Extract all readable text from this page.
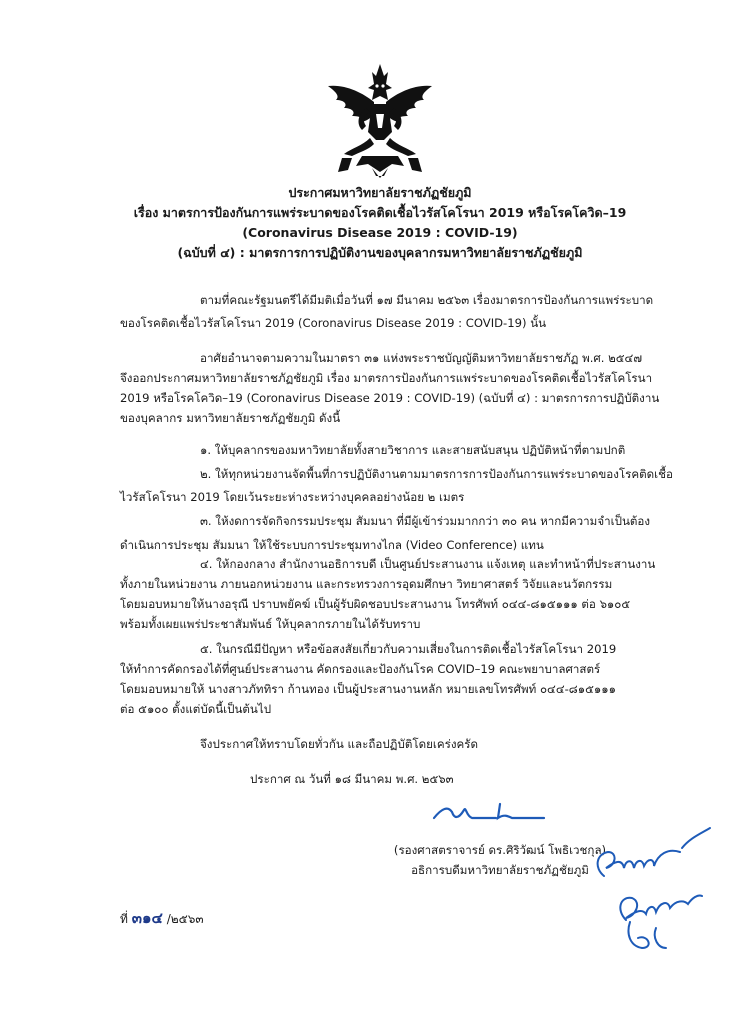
ประกาศมหาวิทยาลัยราชภัฏชัยภูมิ
เรื่อง มาตรการป้องกันการแพร่ระบาดของโรคติดเชื้อไวรัสโคโรนา 2019 หรือโรคโควิด–19
(Coronavirus Disease 2019 : COVID-19)
(ฉบับที่ ๔) : มาตรการการปฏิบัติงานของบุคลากรมหาวิทยาลัยราชภัฏชัยภูมิ
ตามที่คณะรัฐมนตรีได้มีมติเมื่อวันที่ ๑๗ มีนาคม ๒๕๖๓ เรื่องมาตรการป้องกันการแพร่ระบาด
ของโรคติดเชื้อไวรัสโคโรนา 2019 (Coronavirus Disease 2019 : COVID-19) นั้น
อาศัยอำนาจตามความในมาตรา ๓๑ แห่งพระราชบัญญัติมหาวิทยาลัยราชภัฏ พ.ศ. ๒๕๔๗
จึงออกประกาศมหาวิทยาลัยราชภัฏชัยภูมิ เรื่อง มาตรการป้องกันการแพร่ระบาดของโรคติดเชื้อไวรัสโคโรนา
2019 หรือโรคโควิด–19 (Coronavirus Disease 2019 : COVID-19) (ฉบับที่ ๔) : มาตรการการปฏิบัติงาน
ของบุคลากร มหาวิทยาลัยราชภัฏชัยภูมิ ดังนี้
๑. ให้บุคลากรของมหาวิทยาลัยทั้งสายวิชาการ และสายสนับสนุน ปฏิบัติหน้าที่ตามปกติ
๒. ให้ทุกหน่วยงานจัดพื้นที่การปฏิบัติงานตามมาตรการการป้องกันการแพร่ระบาดของโรคติดเชื้อ
ไวรัสโคโรนา 2019 โดยเว้นระยะห่างระหว่างบุคคลอย่างน้อย ๒ เมตร
๓. ให้งดการจัดกิจกรรมประชุม สัมมนา ที่มีผู้เข้าร่วมมากกว่า ๓๐ คน หากมีความจำเป็นต้อง
ดำเนินการประชุม สัมมนา ให้ใช้ระบบการประชุมทางไกล (Video Conference) แทน
๔. ให้กองกลาง สำนักงานอธิการบดี เป็นศูนย์ประสานงาน แจ้งเหตุ และทำหน้าที่ประสานงาน
ทั้งภายในหน่วยงาน ภายนอกหน่วยงาน และกระทรวงการอุดมศึกษา วิทยาศาสตร์ วิจัยและนวัตกรรม
โดยมอบหมายให้นางอรุณี ปราบพยัคฆ์ เป็นผู้รับผิดชอบประสานงาน โทรศัพท์ ๐๔๔-๘๑๕๑๑๑ ต่อ ๖๑๐๕
พร้อมทั้งเผยแพร่ประชาสัมพันธ์ ให้บุคลากรภายในได้รับทราบ
๕. ในกรณีมีปัญหา หรือข้อสงสัยเกี่ยวกับความเสี่ยงในการติดเชื้อไวรัสโคโรนา 2019
ให้ทำการคัดกรองได้ที่ศูนย์ประสานงาน คัดกรองและป้องกันโรค COVID–19 คณะพยาบาลศาสตร์
โดยมอบหมายให้ นางสาวภัททิรา ก้านทอง เป็นผู้ประสานงานหลัก หมายเลขโทรศัพท์ ๐๔๔-๘๑๕๑๑๑
ต่อ ๕๑๐๐ ตั้งแต่บัดนี้เป็นต้นไป
จึงประกาศให้ทราบโดยทั่วกัน และถือปฏิบัติโดยเคร่งครัด
ประกาศ ณ วันที่ ๑๘ มีนาคม พ.ศ. ๒๕๖๓
(รองศาสตราจารย์ ดร.ศิริวัฒน์ โพธิเวชกุล)
อธิการบดีมหาวิทยาลัยราชภัฏชัยภูมิ
ที่ ๓๑๔ /๒๕๖๓
